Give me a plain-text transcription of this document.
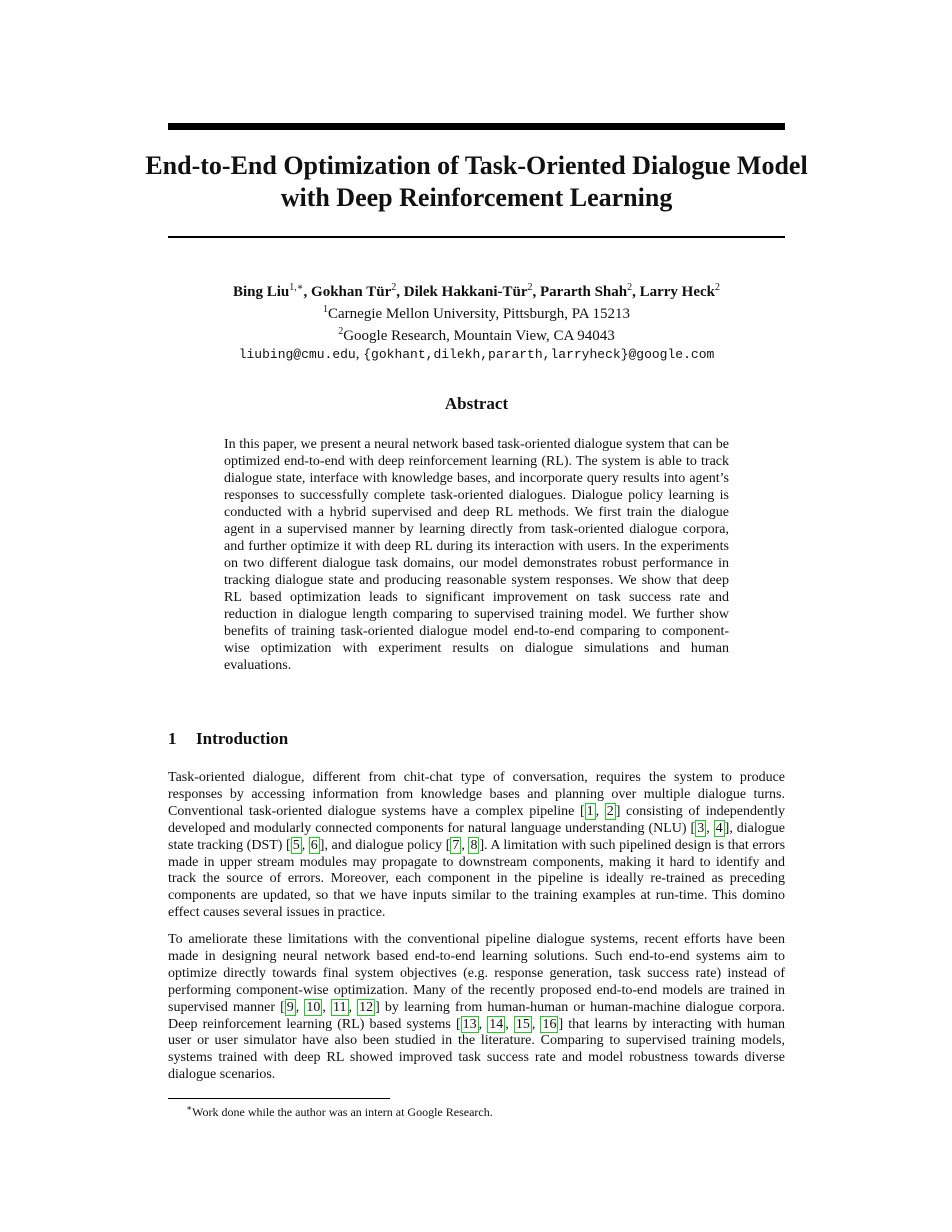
End-to-End Optimization of Task-Oriented Dialogue Model with Deep Reinforcement Learning
Bing Liu$^{1,∗}$, Gokhan Tür$^2$, Dilek Hakkani-Tür$^2$, Pararth Shah$^2$, Larry Heck$^2$
$^1$Carnegie Mellon University, Pittsburgh, PA 15213
$^2$Google Research, Mountain View, CA 94043
liubing@cmu.edu, {gokhant,dilekh,pararth,larryheck}@google.com
Abstract

In this paper, we present a neural network based task-oriented dialogue system that can be optimized end-to-end with deep reinforcement learning (RL). The system is able to track dialogue state, interface with knowledge bases, and incorporate query results into agent’s responses to successfully complete task-oriented dialogues. Dialogue policy learning is conducted with a hybrid supervised and deep RL methods. We first train the dialogue agent in a supervised manner by learning directly from task-oriented dialogue corpora, and further optimize it with deep RL during its interaction with users. In the experiments on two different dialogue task domains, our model demonstrates robust performance in tracking dialogue state and producing reasonable system responses. We show that deep RL based optimization leads to significant improvement on task success rate and reduction in dialogue length comparing to supervised training model. We further show benefits of training task-oriented dialogue model end-to-end comparing to component-wise optimization with experiment results on dialogue simulations and human evaluations.

1 Introduction

Task-oriented dialogue, different from chit-chat type of conversation, requires the system to produce responses by accessing information from knowledge bases and planning over multiple dialogue turns. Conventional task-oriented dialogue systems have a complex pipeline [ 1 , 2 ] consisting of independently developed and modularly connected components for natural language understanding (NLU) [ 3 , 4 ], dialogue state tracking (DST) [ 5 , 6 ], and dialogue policy [ 7 , 8 ]. A limitation with such pipelined design is that errors made in upper stream modules may propagate to downstream components, making it hard to identify and track the source of errors. Moreover, each component in the pipeline is ideally re-trained as preceding components are updated, so that we have inputs similar to the training examples at run-time. This domino effect causes several issues in practice.

To ameliorate these limitations with the conventional pipeline dialogue systems, recent efforts have been made in designing neural network based end-to-end learning solutions. Such end-to-end systems aim to optimize directly towards final system objectives (e.g. response generation, task success rate) instead of performing component-wise optimization. Many of the recently proposed end-to-end models are trained in supervised manner [ 9 , 10 , 11 , 12 ] by learning from human-human or human-machine dialogue corpora. Deep reinforcement learning (RL) based systems [ 13 , 14 , 15 , 16 ] that learns by interacting with human user or user simulator have also been studied in the literature. Comparing to supervised training models, systems trained with deep RL showed improved task success rate and model robustness towards diverse dialogue scenarios.

∗Work done while the author was an intern at Google Research.
